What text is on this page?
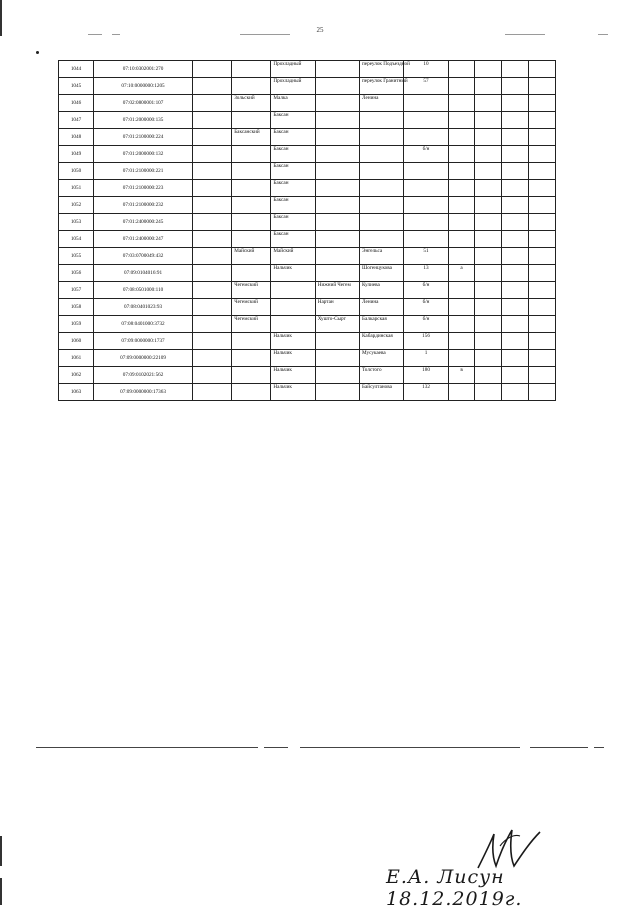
25
1044	07:10:0302001:270			Прохладный		переулок Подъездной	10				
1045	07:10:0000000:1205			Прохладный		переулок Гранитный	57				
1046	07:02:0800001:107		Зольский	Малка		Ленина					
1047	07:01:2000000:135			Баксан							
1048	07:01:2100000:224		Баксанский	Баксан							
1049	07:01:2000000:132			Баксан			б/н				
1050	07:01:2100000:221			Баксан							
1051	07:01:2100000:223			Баксан							
1052	07:01:2100000:232			Баксан							
1053	07:01:2400000:245			Баксан							
1054	07:01:2400000:247			Баксан							
1055	07:03:0700049:432		Майский	Майский		Энгельса	51				
1056	07:09:0104016:91			Нальчик		Шогенцукова	13	а			
1057	07:08:0501000:110		Чегемский		Нижний Чегем	Кулиева	б/н				
1058	07:08:0401023:93		Чегемский		Нартан	Ленина	б/н				
1059	07:08:0401000:3732		Чегемский		Хушто-Сырт	Балкарская	б/н				
1060	07:09:0000000:1737			Нальчик		Кабардинская	156				
1061	07:09:0000000:22109			Нальчик		Мусукаева	1				
1062	07:09:0102021:562			Нальчик		Толстого	180	в			
1063	07:09:0000000:17363			Нальчик		Байсултанова	132				
Е.А. Лисун 18.12.2019г.
